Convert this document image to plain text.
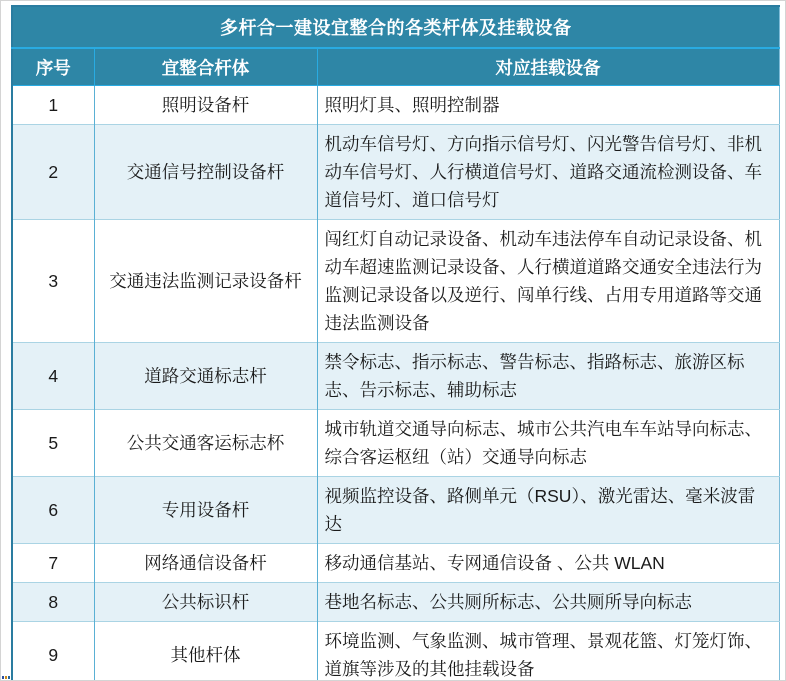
多杆合一建设宜整合的各类杆体及挂载设备		
序号	宜整合杆体	对应挂载设备
1	照明设备杆	照明灯具、照明控制器
2	交通信号控制设备杆	机动车信号灯、方向指示信号灯、闪光警告信号灯、非机动车信号灯、人行横道信号灯、道路交通流检测设备、车道信号灯、道口信号灯
3	交通违法监测记录设备杆	闯红灯自动记录设备、机动车违法停车自动记录设备、机动车超速监测记录设备、人行横道道路交通安全违法行为监测记录设备以及逆行、闯单行线、占用专用道路等交通违法监测设备
4	道路交通标志杆	禁令标志、指示标志、警告标志、指路标志、旅游区标志、告示标志、辅助标志
5	公共交通客运标志杯	城市轨道交通导向标志、城市公共汽电车车站导向标志、综合客运枢纽（站）交通导向标志
6	专用设备杆	视频监控设备、路侧单元（RSU）、激光雷达、毫米波雷达
7	网络通信设备杆	移动通信基站、专网通信设备 、公共 WLAN
8	公共标识杆	巷地名标志、公共厕所标志、公共厕所导向标志
9	其他杆体	环境监测、气象监测、城市管理、景观花篮、灯笼灯饰、道旗等涉及的其他挂载设备
